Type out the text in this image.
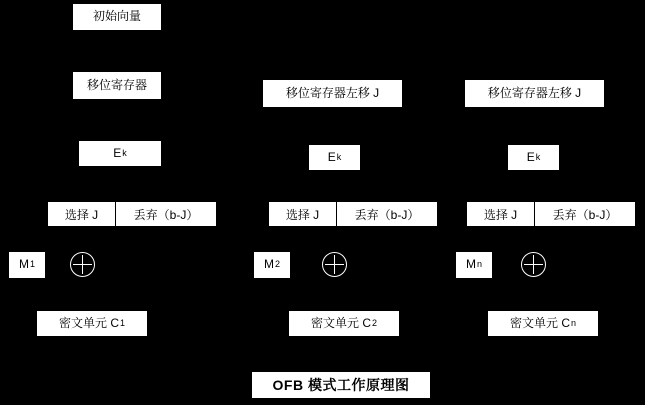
初始向量
移位寄存器
E k
选择 J	丢弃（b-J）
M 1
密文单元 C 1
移位寄存器左移 J
E k
选择 J	丢弃（b-J）
M 2
密文单元 C 2
移位寄存器左移 J
E k
选择 J	丢弃（b-J）
M n
密文单元 C n
OFB 模式工作原理图
